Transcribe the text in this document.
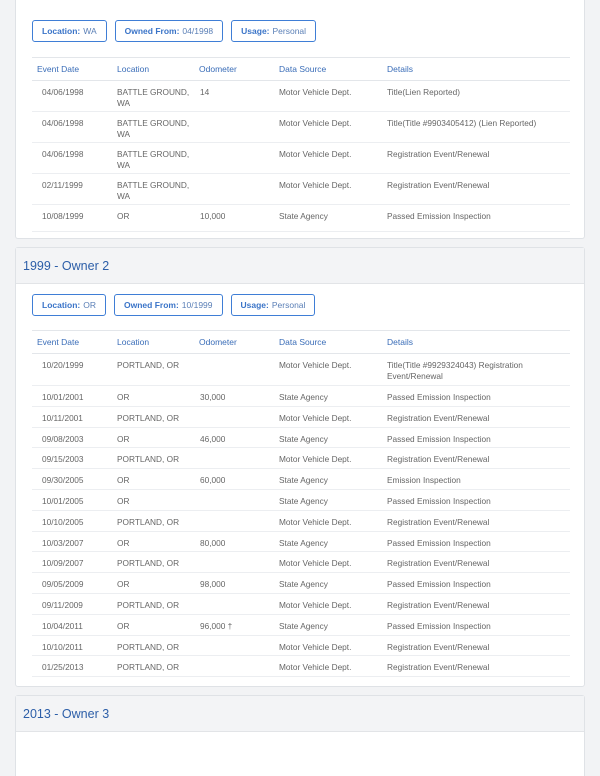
Location: WA	Owned From: 04/1998	Usage: Personal
Event Date	Location	Odometer	Data Source	Details
04/06/1998	BATTLE GROUND, WA	14	Motor Vehicle Dept.	Title(Lien Reported)
04/06/1998	BATTLE GROUND, WA		Motor Vehicle Dept.	Title(Title #9903405412) (Lien Reported)
04/06/1998	BATTLE GROUND, WA		Motor Vehicle Dept.	Registration Event/Renewal
02/11/1999	BATTLE GROUND, WA		Motor Vehicle Dept.	Registration Event/Renewal
10/08/1999	OR	10,000	State Agency	Passed Emission Inspection
1999 - Owner 2
Location: OR	Owned From: 10/1999	Usage: Personal
Event Date	Location	Odometer	Data Source	Details
10/20/1999	PORTLAND, OR		Motor Vehicle Dept.	Title(Title #9929324043) Registration Event/Renewal
10/01/2001	OR	30,000	State Agency	Passed Emission Inspection
10/11/2001	PORTLAND, OR		Motor Vehicle Dept.	Registration Event/Renewal
09/08/2003	OR	46,000	State Agency	Passed Emission Inspection
09/15/2003	PORTLAND, OR		Motor Vehicle Dept.	Registration Event/Renewal
09/30/2005	OR	60,000	State Agency	Emission Inspection
10/01/2005	OR		State Agency	Passed Emission Inspection
10/10/2005	PORTLAND, OR		Motor Vehicle Dept.	Registration Event/Renewal
10/03/2007	OR	80,000	State Agency	Passed Emission Inspection
10/09/2007	PORTLAND, OR		Motor Vehicle Dept.	Registration Event/Renewal
09/05/2009	OR	98,000	State Agency	Passed Emission Inspection
09/11/2009	PORTLAND, OR		Motor Vehicle Dept.	Registration Event/Renewal
10/04/2011	OR	96,000 †	State Agency	Passed Emission Inspection
10/10/2011	PORTLAND, OR		Motor Vehicle Dept.	Registration Event/Renewal
01/25/2013	PORTLAND, OR		Motor Vehicle Dept.	Registration Event/Renewal
2013 - Owner 3
